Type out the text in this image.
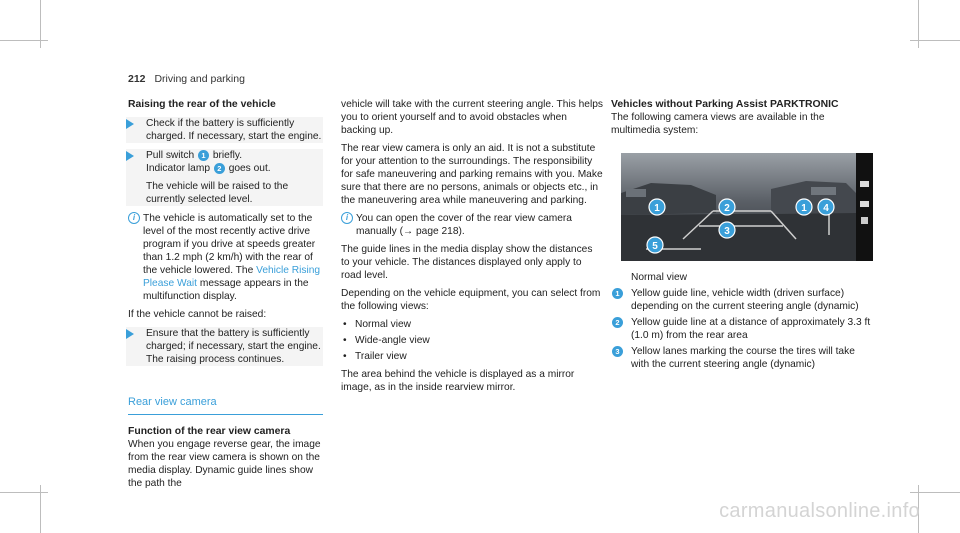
212 Driving and parking
Raising the rear of the vehicle
Check if the battery is sufficiently charged. If necessary, start the engine.
Pull switch 1 briefly.
Indicator lamp 2 goes out.
The vehicle will be raised to the currently selected level.
i The vehicle is automatically set to the level of the most recently active drive program if you drive at speeds greater than 1.2 mph (2 km/h) with the rear of the vehicle lowered. The Vehicle Rising Please Wait message appears in the multifunction display.

If the vehicle cannot be raised:

Ensure that the battery is sufficiently charged; if necessary, start the engine.
The raising process continues.
Rear view camera
Function of the rear view camera

When you engage reverse gear, the image from the rear view camera is shown on the media display. Dynamic guide lines show the path the

vehicle will take with the current steering angle. This helps you to orient yourself and to avoid obstacles when backing up.

The rear view camera is only an aid. It is not a substitute for your attention to the surroundings. The responsibility for safe maneuvering and parking remains with you. Make sure that there are no persons, animals or objects etc., in the maneuvering area while maneuvering and parking.

i You can open the cover of the rear view camera manually (→ page 218).

The guide lines in the media display show the distances to your vehicle. The distances displayed only apply to road level.

Depending on the vehicle equipment, you can select from the following views:

• Normal view
• Wide-angle view
• Trailer view

The area behind the vehicle is displayed as a mirror image, as in the inside rearview mirror.

Vehicles without Parking Assist PARKTRONIC

The following camera views are available in the multimedia system:

1	2	1 4
3
5
Normal view
1	Yellow guide line, vehicle width (driven surface) depending on the current steering angle (dynamic)
2	Yellow guide line at a distance of approximately 3.3 ft (1.0 m) from the rear area
3	Yellow lanes marking the course the tires will take with the current steering angle (dynamic)
carmanualsonline.info
